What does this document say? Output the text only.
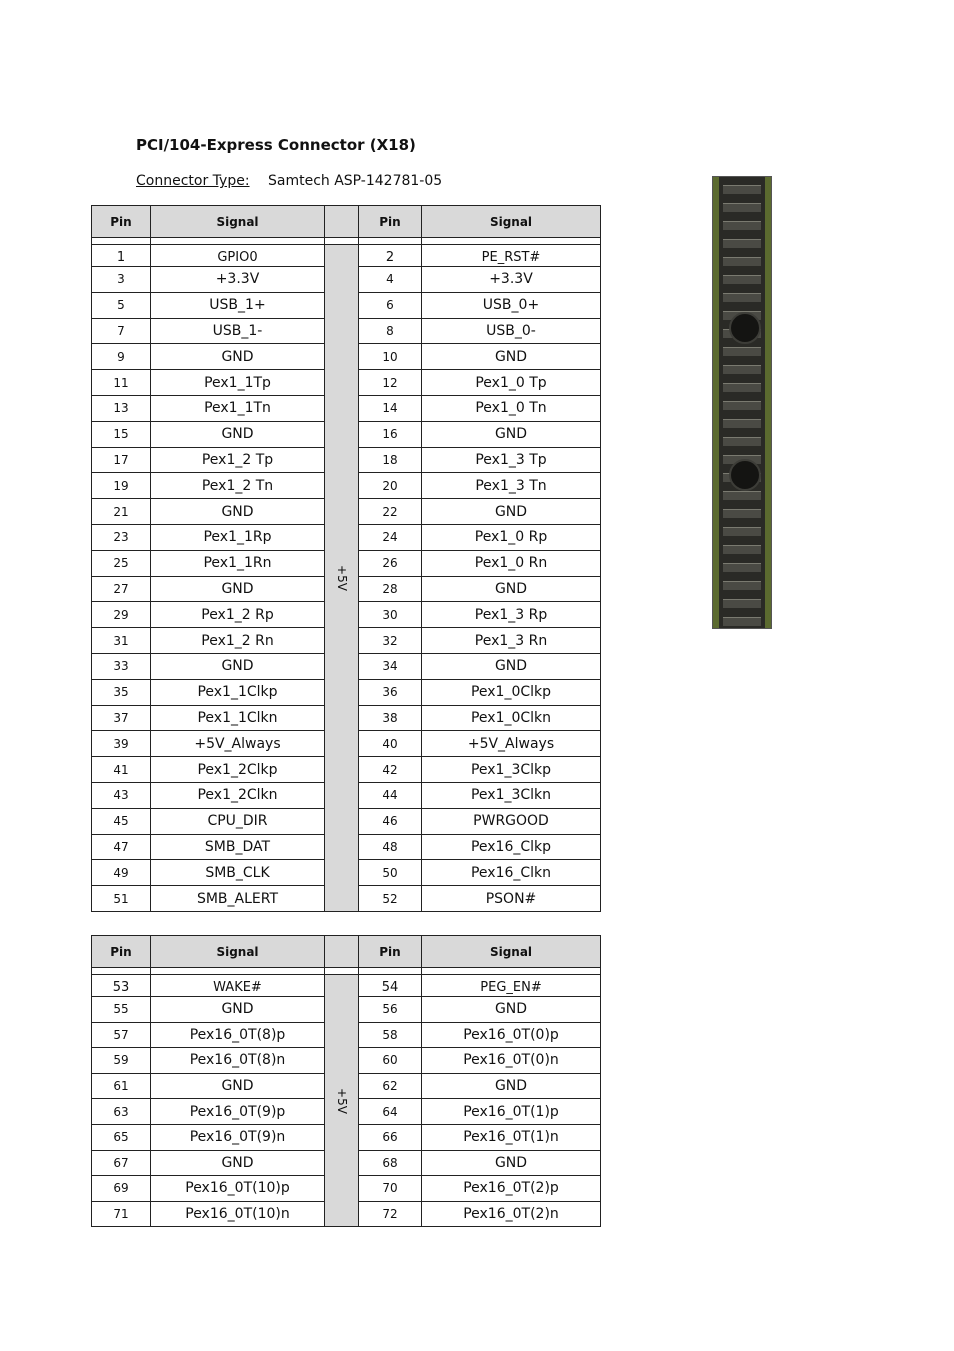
PCI/104-Express Connector (X18)
Connector Type: Samtech ASP-142781-05
Pin	Signal		Pin	Signal

1	GPIO0	+5V	2	PE_RST#
3	+3.3V		4	+3.3V
5	USB_1+		6	USB_0+
7	USB_1-		8	USB_0-
9	GND		10	GND
11	Pex1_1Tp		12	Pex1_0 Tp
13	Pex1_1Tn		14	Pex1_0 Tn
15	GND		16	GND
17	Pex1_2 Tp		18	Pex1_3 Tp
19	Pex1_2 Tn		20	Pex1_3 Tn
21	GND		22	GND
23	Pex1_1Rp		24	Pex1_0 Rp
25	Pex1_1Rn		26	Pex1_0 Rn
27	GND		28	GND
29	Pex1_2 Rp		30	Pex1_3 Rp
31	Pex1_2 Rn		32	Pex1_3 Rn
33	GND		34	GND
35	Pex1_1Clkp		36	Pex1_0Clkp
37	Pex1_1Clkn		38	Pex1_0Clkn
39	+5V_Always		40	+5V_Always
41	Pex1_2Clkp		42	Pex1_3Clkp
43	Pex1_2Clkn		44	Pex1_3Clkn
45	CPU_DIR		46	PWRGOOD
47	SMB_DAT		48	Pex16_Clkp
49	SMB_CLK		50	Pex16_Clkn
51	SMB_ALERT		52	PSON#
Pin	Signal		Pin	Signal

53	WAKE#	+5V	54	PEG_EN#
55	GND		56	GND
57	Pex16_0T(8)p		58	Pex16_0T(0)p
59	Pex16_0T(8)n		60	Pex16_0T(0)n
61	GND		62	GND
63	Pex16_0T(9)p		64	Pex16_0T(1)p
65	Pex16_0T(9)n		66	Pex16_0T(1)n
67	GND		68	GND
69	Pex16_0T(10)p		70	Pex16_0T(2)p
71	Pex16_0T(10)n		72	Pex16_0T(2)n
